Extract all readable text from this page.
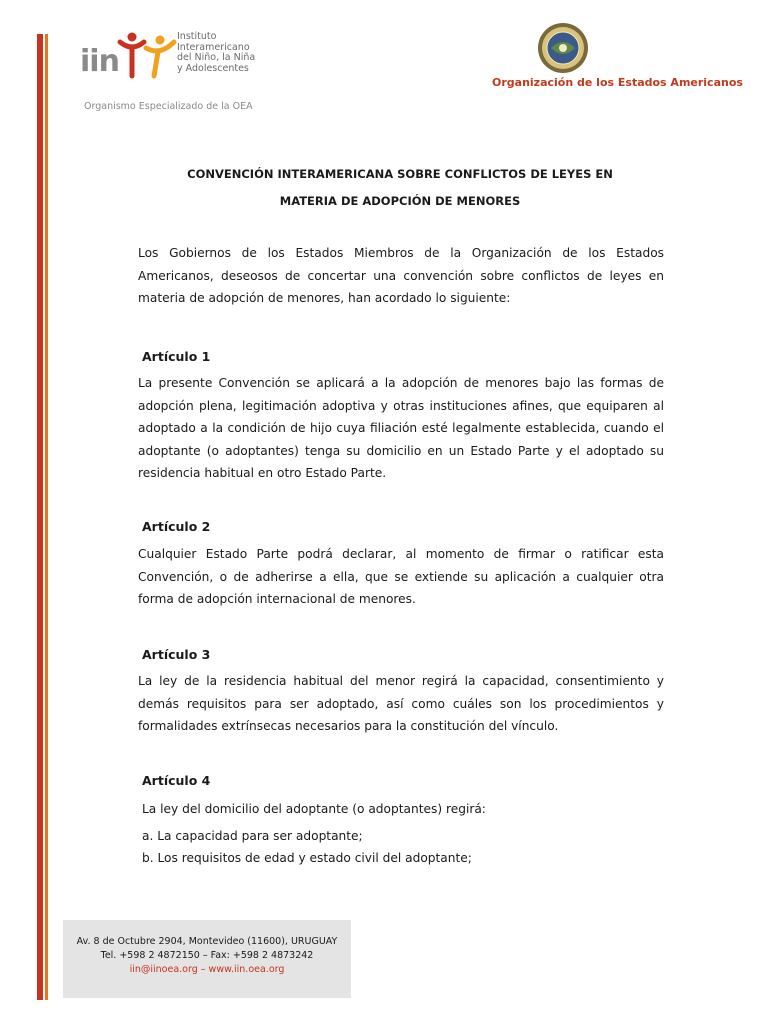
iin
Instituto
Interamericano
del Niño, la Niña
y Adolescentes
Organismo Especializado de la OEA
Organización de los Estados Americanos
CONVENCIÓN INTERAMERICANA SOBRE CONFLICTOS DE LEYES EN
MATERIA DE ADOPCIÓN DE MENORES
Los Gobiernos de los Estados Miembros de la Organización de los Estados Americanos, deseosos de concertar una convención sobre conflictos de leyes en materia de adopción de menores, han acordado lo siguiente:
Artículo 1
La presente Convención se aplicará a la adopción de menores bajo las formas de adopción plena, legitimación adoptiva y otras instituciones afines, que equiparen al adoptado a la condición de hijo cuya filiación esté legalmente establecida, cuando el adoptante (o adoptantes) tenga su domicilio en un Estado Parte y el adoptado su residencia habitual en otro Estado Parte.
Artículo 2
Cualquier Estado Parte podrá declarar, al momento de firmar o ratificar esta Convención, o de adherirse a ella, que se extiende su aplicación a cualquier otra forma de adopción internacional de menores.
Artículo 3
La ley de la residencia habitual del menor regirá la capacidad, consentimiento y demás requisitos para ser adoptado, así como cuáles son los procedimientos y formalidades extrínsecas necesarios para la constitución del vínculo.
Artículo 4
La ley del domicilio del adoptante (o adoptantes) regirá:
a. La capacidad para ser adoptante;
b. Los requisitos de edad y estado civil del adoptante;
Av. 8 de Octubre 2904, Montevideo (11600), URUGUAY
Tel. +598 2 4872150 – Fax: +598 2 4873242
iin@iinoea.org – www.iin.oea.org
